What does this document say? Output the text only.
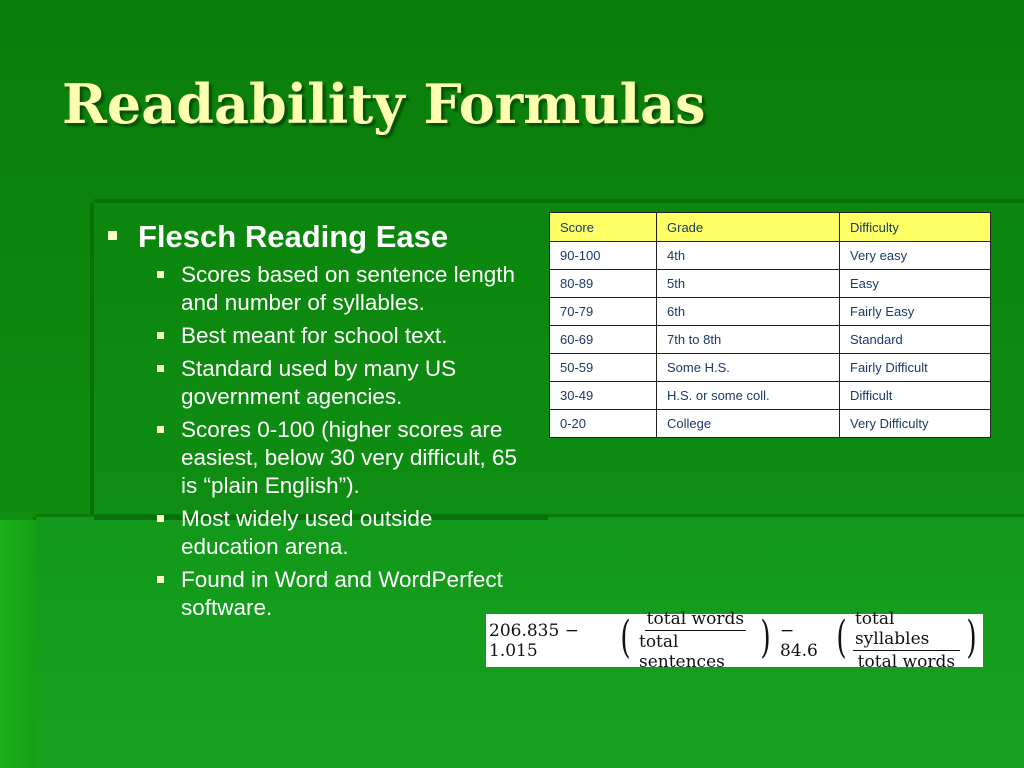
Readability Formulas
Flesch Reading Ease
Scores based on sentence length and number of syllables.
Best meant for school text.
Standard used by many US government agencies.
Scores 0-100 (higher scores are easiest, below 30 very difficult, 65 is “plain English”).
Most widely used outside education arena.
Found in Word and WordPerfect software.
Score	Grade	Difficulty
90-100	4th	Very easy
80-89	5th	Easy
70-79	6th	Fairly Easy
60-69	7th to 8th	Standard
50-59	Some H.S.	Fairly Difficult
30-49	H.S. or some coll.	Difficult
0-20	College	Very Difficulty
206.835 − 1.015	( $\frac{\text{total words}}{\text{total sentences}}$ ) − 84.6 ( $\frac{\text{total syllables}}{\text{total words}}$ )
